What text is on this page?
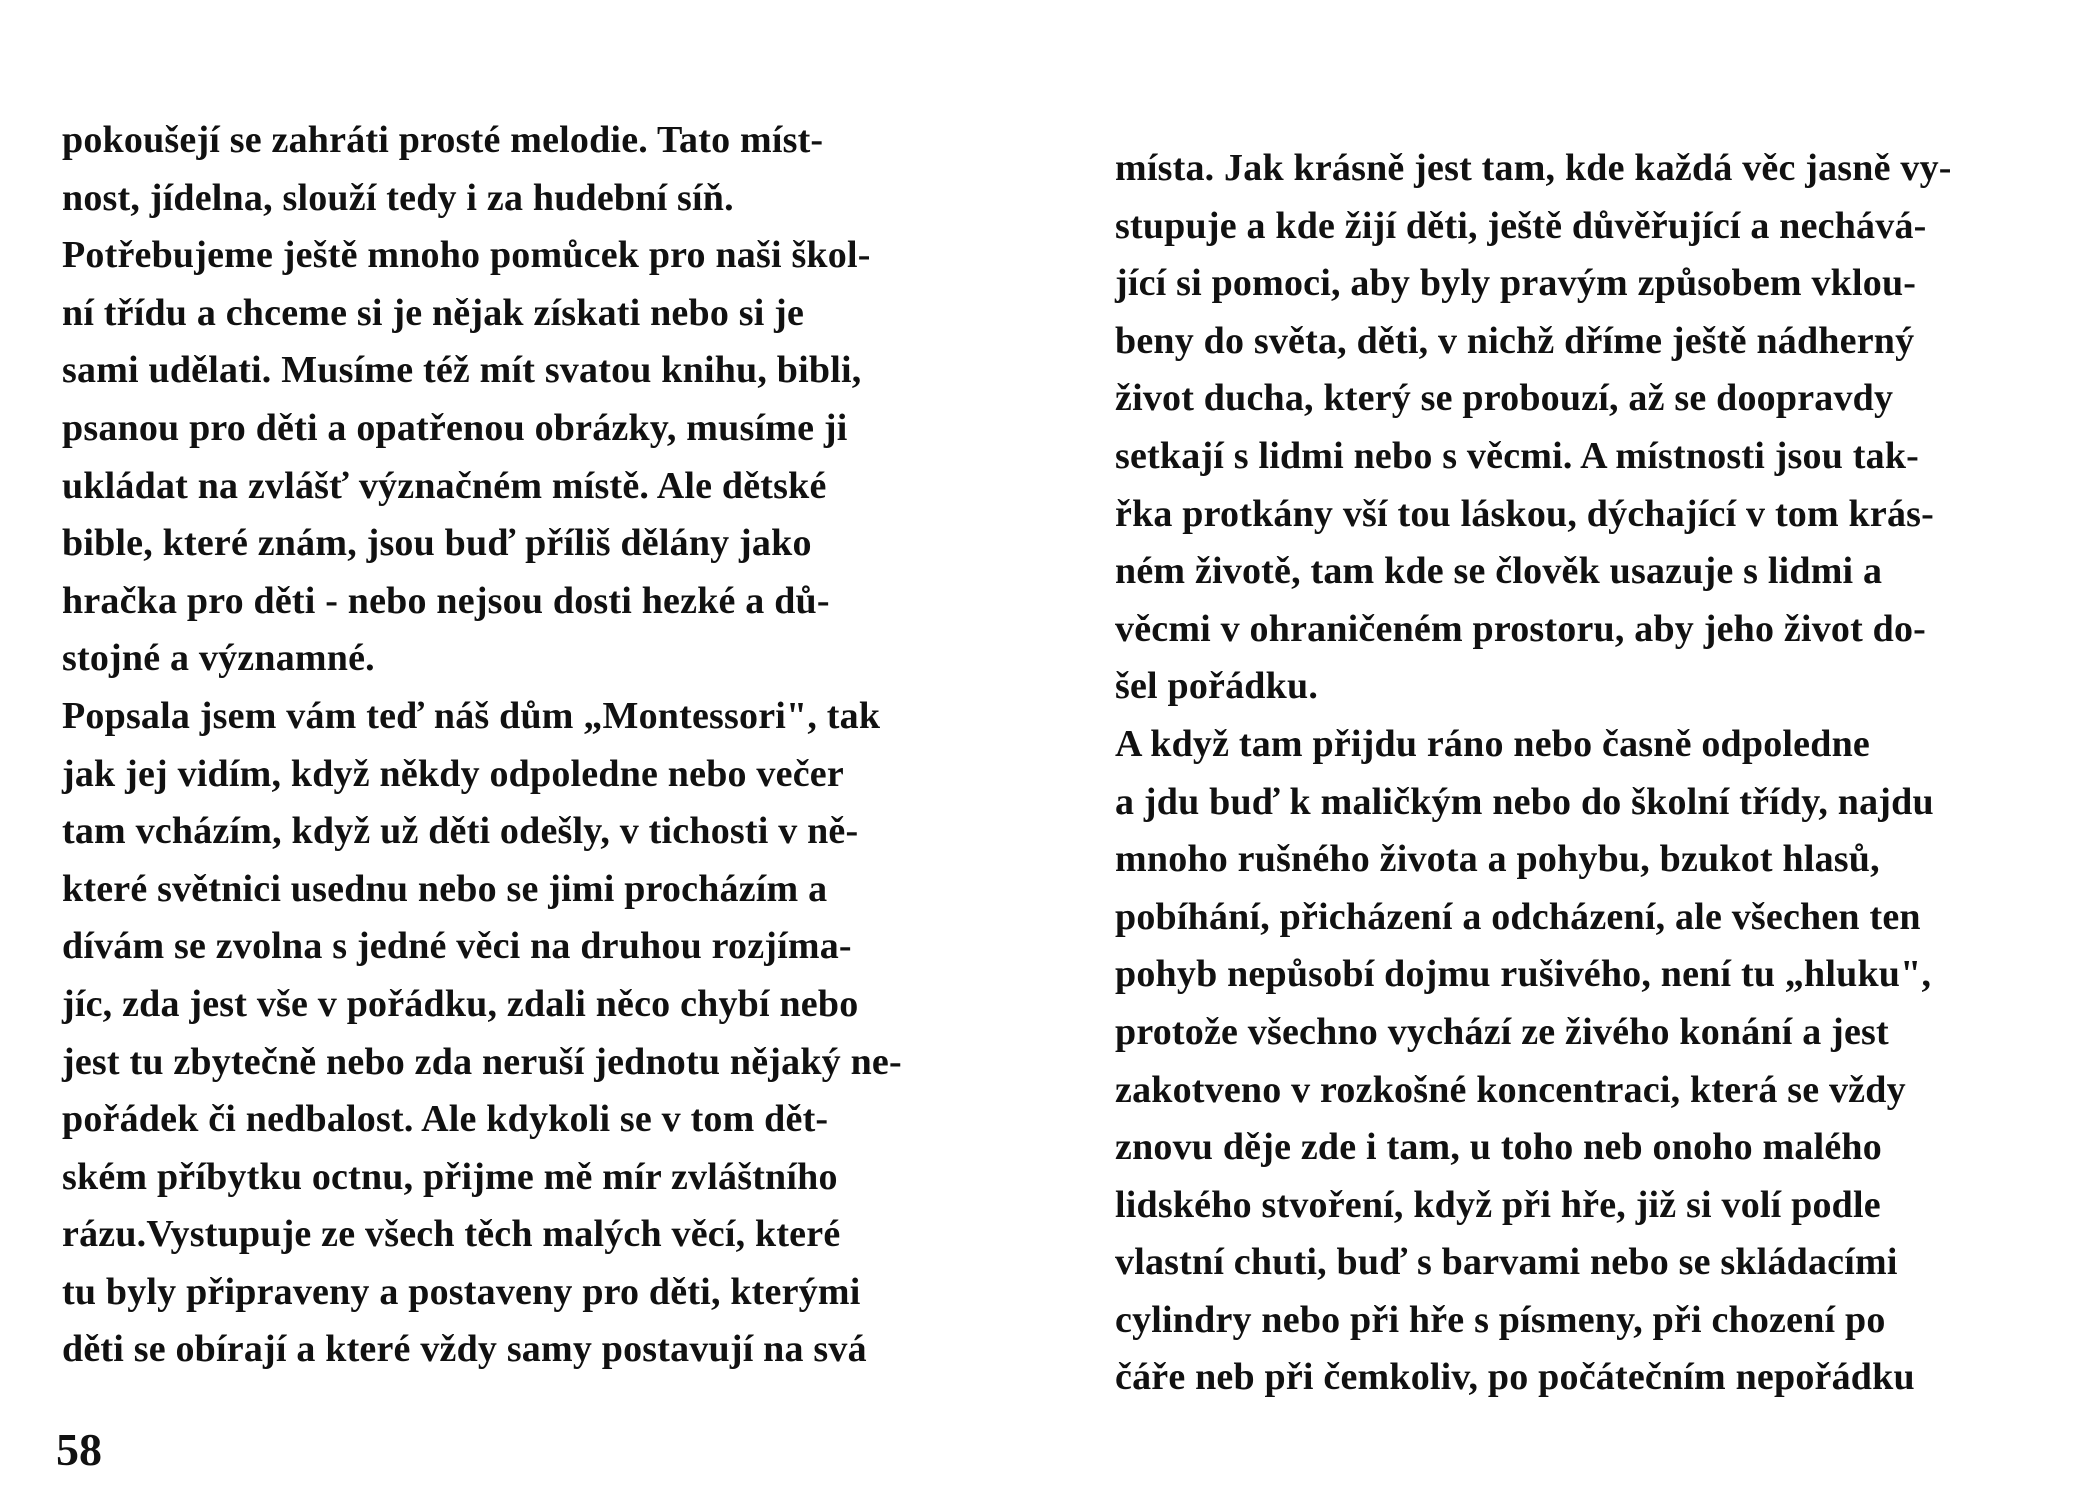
pokoušejí se zahráti prosté melodie. Tato míst-
nost, jídelna, slouží tedy i za hudební síň.
Potřebujeme ještě mnoho pomůcek pro naši škol-
ní třídu a chceme si je nějak získati nebo si je
sami udělati. Musíme též mít svatou knihu, bibli,
psanou pro děti a opatřenou obrázky, musíme ji
ukládat na zvlášť význačném místě. Ale dětské
bible, které znám, jsou buď příliš dělány jako
hračka pro děti - nebo nejsou dosti hezké a dů-
stojné a významné.
Popsala jsem vám teď náš dům „Montessori", tak
jak jej vidím, když někdy odpoledne nebo večer
tam vcházím, když už děti odešly, v tichosti v ně-
které světnici usednu nebo se jimi procházím a
dívám se zvolna s jedné věci na druhou rozjíma-
jíc, zda jest vše v pořádku, zdali něco chybí nebo
jest tu zbytečně nebo zda neruší jednotu nějaký ne-
pořádek či nedbalost. Ale kdykoli se v tom dět-
ském příbytku octnu, přijme mě mír zvláštního
rázu.Vystupuje ze všech těch malých věcí, které
tu byly připraveny a postaveny pro děti, kterými
děti se obírají a které vždy samy postavují na svá
58
místa. Jak krásně jest tam, kde každá věc jasně vy-
stupuje a kde žijí děti, ještě důvěřující a nechává-
jící si pomoci, aby byly pravým způsobem vklou-
beny do světa, děti, v nichž dříme ještě nádherný
život ducha, který se probouzí, až se doopravdy
setkají s lidmi nebo s věcmi. A místnosti jsou tak-
řka protkány vší tou láskou, dýchající v tom krás-
ném životě, tam kde se člověk usazuje s lidmi a
věcmi v ohraničeném prostoru, aby jeho život do-
šel pořádku.
A když tam přijdu ráno nebo časně odpoledne
a jdu buď k maličkým nebo do školní třídy, najdu
mnoho rušného života a pohybu, bzukot hlasů,
pobíhání, přicházení a odcházení, ale všechen ten
pohyb nepůsobí dojmu rušivého, není tu „hluku",
protože všechno vychází ze živého konání a jest
zakotveno v rozkošné koncentraci, která se vždy
znovu děje zde i tam, u toho neb onoho malého
lidského stvoření, když při hře, již si volí podle
vlastní chuti, buď s barvami nebo se skládacími
cylindry nebo při hře s písmeny, při chození po
čáře neb při čemkoliv, po počátečním nepořádku
